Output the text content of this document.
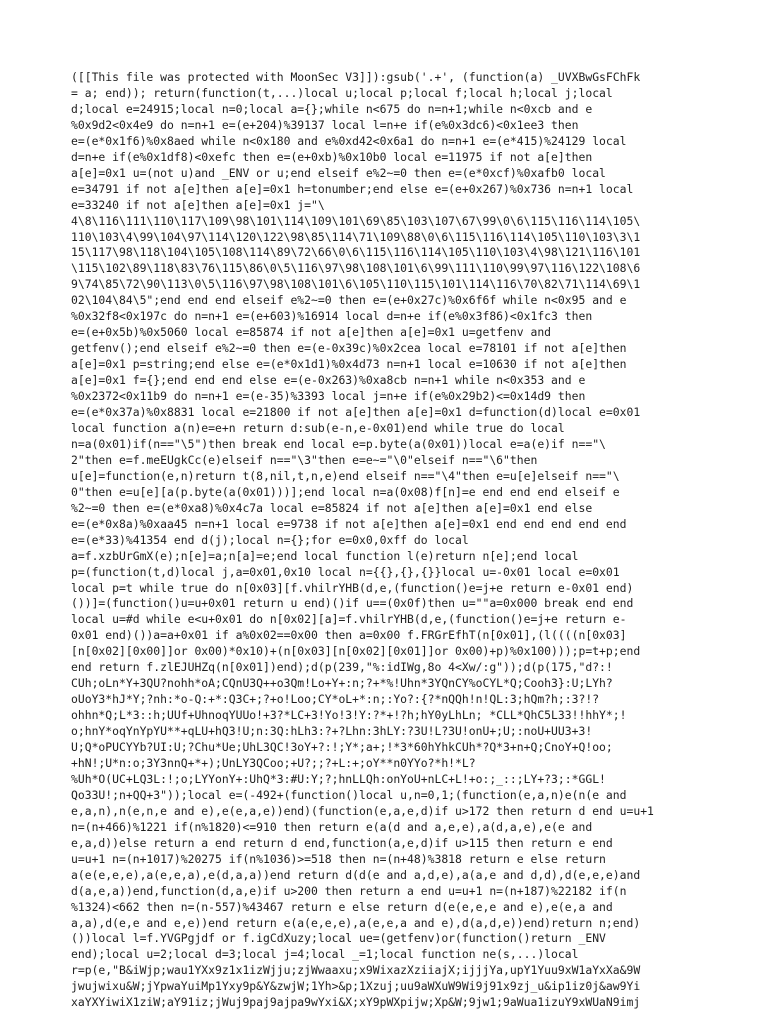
([[This file was protected with MoonSec V3]]):gsub('.+', (function(a) _UVXBwGsFChFk
= a; end)); return(function(t,...)local u;local p;local f;local h;local j;local
d;local e=24915;local n=0;local a={};while n<675 do n=n+1;while n<0xcb and e
%0x9d2<0x4e9 do n=n+1 e=(e+204)%39137 local l=n+e if(e%0x3dc6)<0x1ee3 then
e=(e*0x1f6)%0x8aed while n<0x180 and e%0xd42<0x6a1 do n=n+1 e=(e*415)%24129 local
d=n+e if(e%0x1df8)<0xefc then e=(e+0xb)%0x10b0 local e=11975 if not a[e]then
a[e]=0x1 u=(not u)and _ENV or u;end elseif e%2~=0 then e=(e*0xcf)%0xafb0 local
e=34791 if not a[e]then a[e]=0x1 h=tonumber;end else e=(e+0x267)%0x736 n=n+1 local
e=33240 if not a[e]then a[e]=0x1 j="\
4\8\116\111\110\117\109\98\101\114\109\101\69\85\103\107\67\99\0\6\115\116\114\105\
110\103\4\99\104\97\114\120\122\98\85\114\71\109\88\0\6\115\116\114\105\110\103\3\1
15\117\98\118\104\105\108\114\89\72\66\0\6\115\116\114\105\110\103\4\98\121\116\101
\115\102\89\118\83\76\115\86\0\5\116\97\98\108\101\6\99\111\110\99\97\116\122\108\6
9\74\85\72\90\113\0\5\116\97\98\108\101\6\105\110\115\101\114\116\70\82\71\114\69\1
02\104\84\5";end end end elseif e%2~=0 then e=(e+0x27c)%0x6f6f while n<0x95 and e
%0x32f8<0x197c do n=n+1 e=(e+603)%16914 local d=n+e if(e%0x3f86)<0x1fc3 then
e=(e+0x5b)%0x5060 local e=85874 if not a[e]then a[e]=0x1 u=getfenv and
getfenv();end elseif e%2~=0 then e=(e-0x39c)%0x2cea local e=78101 if not a[e]then
a[e]=0x1 p=string;end else e=(e*0x1d1)%0x4d73 n=n+1 local e=10630 if not a[e]then
a[e]=0x1 f={};end end end else e=(e-0x263)%0xa8cb n=n+1 while n<0x353 and e
%0x2372<0x11b9 do n=n+1 e=(e-35)%3393 local j=n+e if(e%0x29b2)<=0x14d9 then
e=(e*0x37a)%0x8831 local e=21800 if not a[e]then a[e]=0x1 d=function(d)local e=0x01
local function a(n)e=e+n return d:sub(e-n,e-0x01)end while true do local
n=a(0x01)if(n=="\5")then break end local e=p.byte(a(0x01))local e=a(e)if n=="\
2"then e=f.meEUgkCc(e)elseif n=="\3"then e=e~="\0"elseif n=="\6"then
u[e]=function(e,n)return t(8,nil,t,n,e)end elseif n=="\4"then e=u[e]elseif n=="\
0"then e=u[e][a(p.byte(a(0x01)))];end local n=a(0x08)f[n]=e end end end elseif e
%2~=0 then e=(e*0xa8)%0x4c7a local e=85824 if not a[e]then a[e]=0x1 end else
e=(e*0x8a)%0xaa45 n=n+1 local e=9738 if not a[e]then a[e]=0x1 end end end end end
e=(e*33)%41354 end d(j);local n={};for e=0x0,0xff do local
a=f.xzbUrGmX(e);n[e]=a;n[a]=e;end local function l(e)return n[e];end local
p=(function(t,d)local j,a=0x01,0x10 local n={{},{},{}}local u=-0x01 local e=0x01
local p=t while true do n[0x03][f.vhilrYHB(d,e,(function()e=j+e return e-0x01 end)
())]=(function()u=u+0x01 return u end)()if u==(0x0f)then u=""a=0x000 break end end
local u=#d while e<u+0x01 do n[0x02][a]=f.vhilrYHB(d,e,(function()e=j+e return e-
0x01 end)())a=a+0x01 if a%0x02==0x00 then a=0x00 f.FRGrEfhT(n[0x01],(l((((n[0x03]
[n[0x02][0x00]]or 0x00)*0x10)+(n[0x03][n[0x02][0x01]]or 0x00)+p)%0x100)));p=t+p;end
end return f.zlEJUHZq(n[0x01])end);d(p(239,"%:idIWg,8o 4<Xw/:g"));d(p(175,"d?:!
CUh;oLn*Y+3QU?nohh*oA;CQnU3Q++o3Qm!Lo+Y+:n;?+*%!Uhn*3YQnCY%oCYL*Q;Cooh3}:U;LYh?
oUoY3*hJ*Y;?nh:*o-Q:+*:Q3C+;?+o!Loo;CY*oL+*:n;:Yo?:{?*nQQh!n!QL:3;hQm?h;:3?!?
ohhn*Q;L*3::h;UUf+UhnoqYUUo!+3?*LC+3!Yo!3!Y:?*+!?h;hY0yLhLn; *CLL*QhC5L33!!hhY*;!
o;hnY*oqYnYpYU**+qLU+hQ3!U;n:3Q:hLh3:?+?Lhn:3hLY:?3U!L?3U!onU+;U;:noU+UU3+3!
U;Q*oPUCYYb?UI:U;?Chu*Ue;UhL3QC!3oY+?:!;Y*;a+;!*3*60hYhkCUh*?Q*3+n+Q;CnoY+Q!oo;
+hN!;U*n:o;3Y3nnQ+*+);UnLY3QCoo;+U?;;?+L:+;oY**n0YYo?*h!*L?
%Uh*O(UC+LQ3L:!;o;LYYonY+:UhQ*3:#U:Y;?;hnLLQh:onYoU+nLC+L!+o:;_::;LY+?3;:*GGL!
Qo33U!;n+QQ+3"));local e=(-492+(function()local u,n=0,1;(function(e,a,n)e(n(e and
e,a,n),n(e,n,e and e),e(e,a,e))end)(function(e,a,e,d)if u>172 then return d end u=u+1
n=(n+466)%1221 if(n%1820)<=910 then return e(a(d and a,e,e),a(d,a,e),e(e and
e,a,d))else return a end return d end,function(a,e,d)if u>115 then return e end
u=u+1 n=(n+1017)%20275 if(n%1036)>=518 then n=(n+48)%3818 return e else return
a(e(e,e,e),a(e,e,a),e(d,a,a))end return d(d(e and a,d,e),a(a,e and d,d),d(e,e,e)and
d(a,e,a))end,function(d,a,e)if u>200 then return a end u=u+1 n=(n+187)%22182 if(n
%1324)<662 then n=(n-557)%43467 return e else return d(e(e,e,e and e),e(e,a and
a,a),d(e,e and e,e))end return e(a(e,e,e),a(e,e,a and e),d(a,d,e))end)return n;end)
())local l=f.YVGPgjdf or f.igCdXuzy;local ue=(getfenv)or(function()return _ENV
end);local u=2;local d=3;local j=4;local _=1;local function ne(s,...)local
r=p(e,"B&iWjp;wau1YXx9z1x1izWjju;zjWwaaxu;x9WixazXziiajX;ijjjYa,upY1Yuu9xW1aYxXa&9W
jwujwixu&W;jYpwaYuiMp1Yxy9p&Y&zwjW;1Yh>&p;1Xzuj;uu9aWXuW9Wi9j91x9zj_u&ip1iz0j&aw9Yi
xaYXYiwiX1ziW;aY91iz;jWuj9paj9ajpa9wYxi&X;xY9pWXpijw;Xp&W;9jw1;9aWua1izuY9xWUaN9imj
